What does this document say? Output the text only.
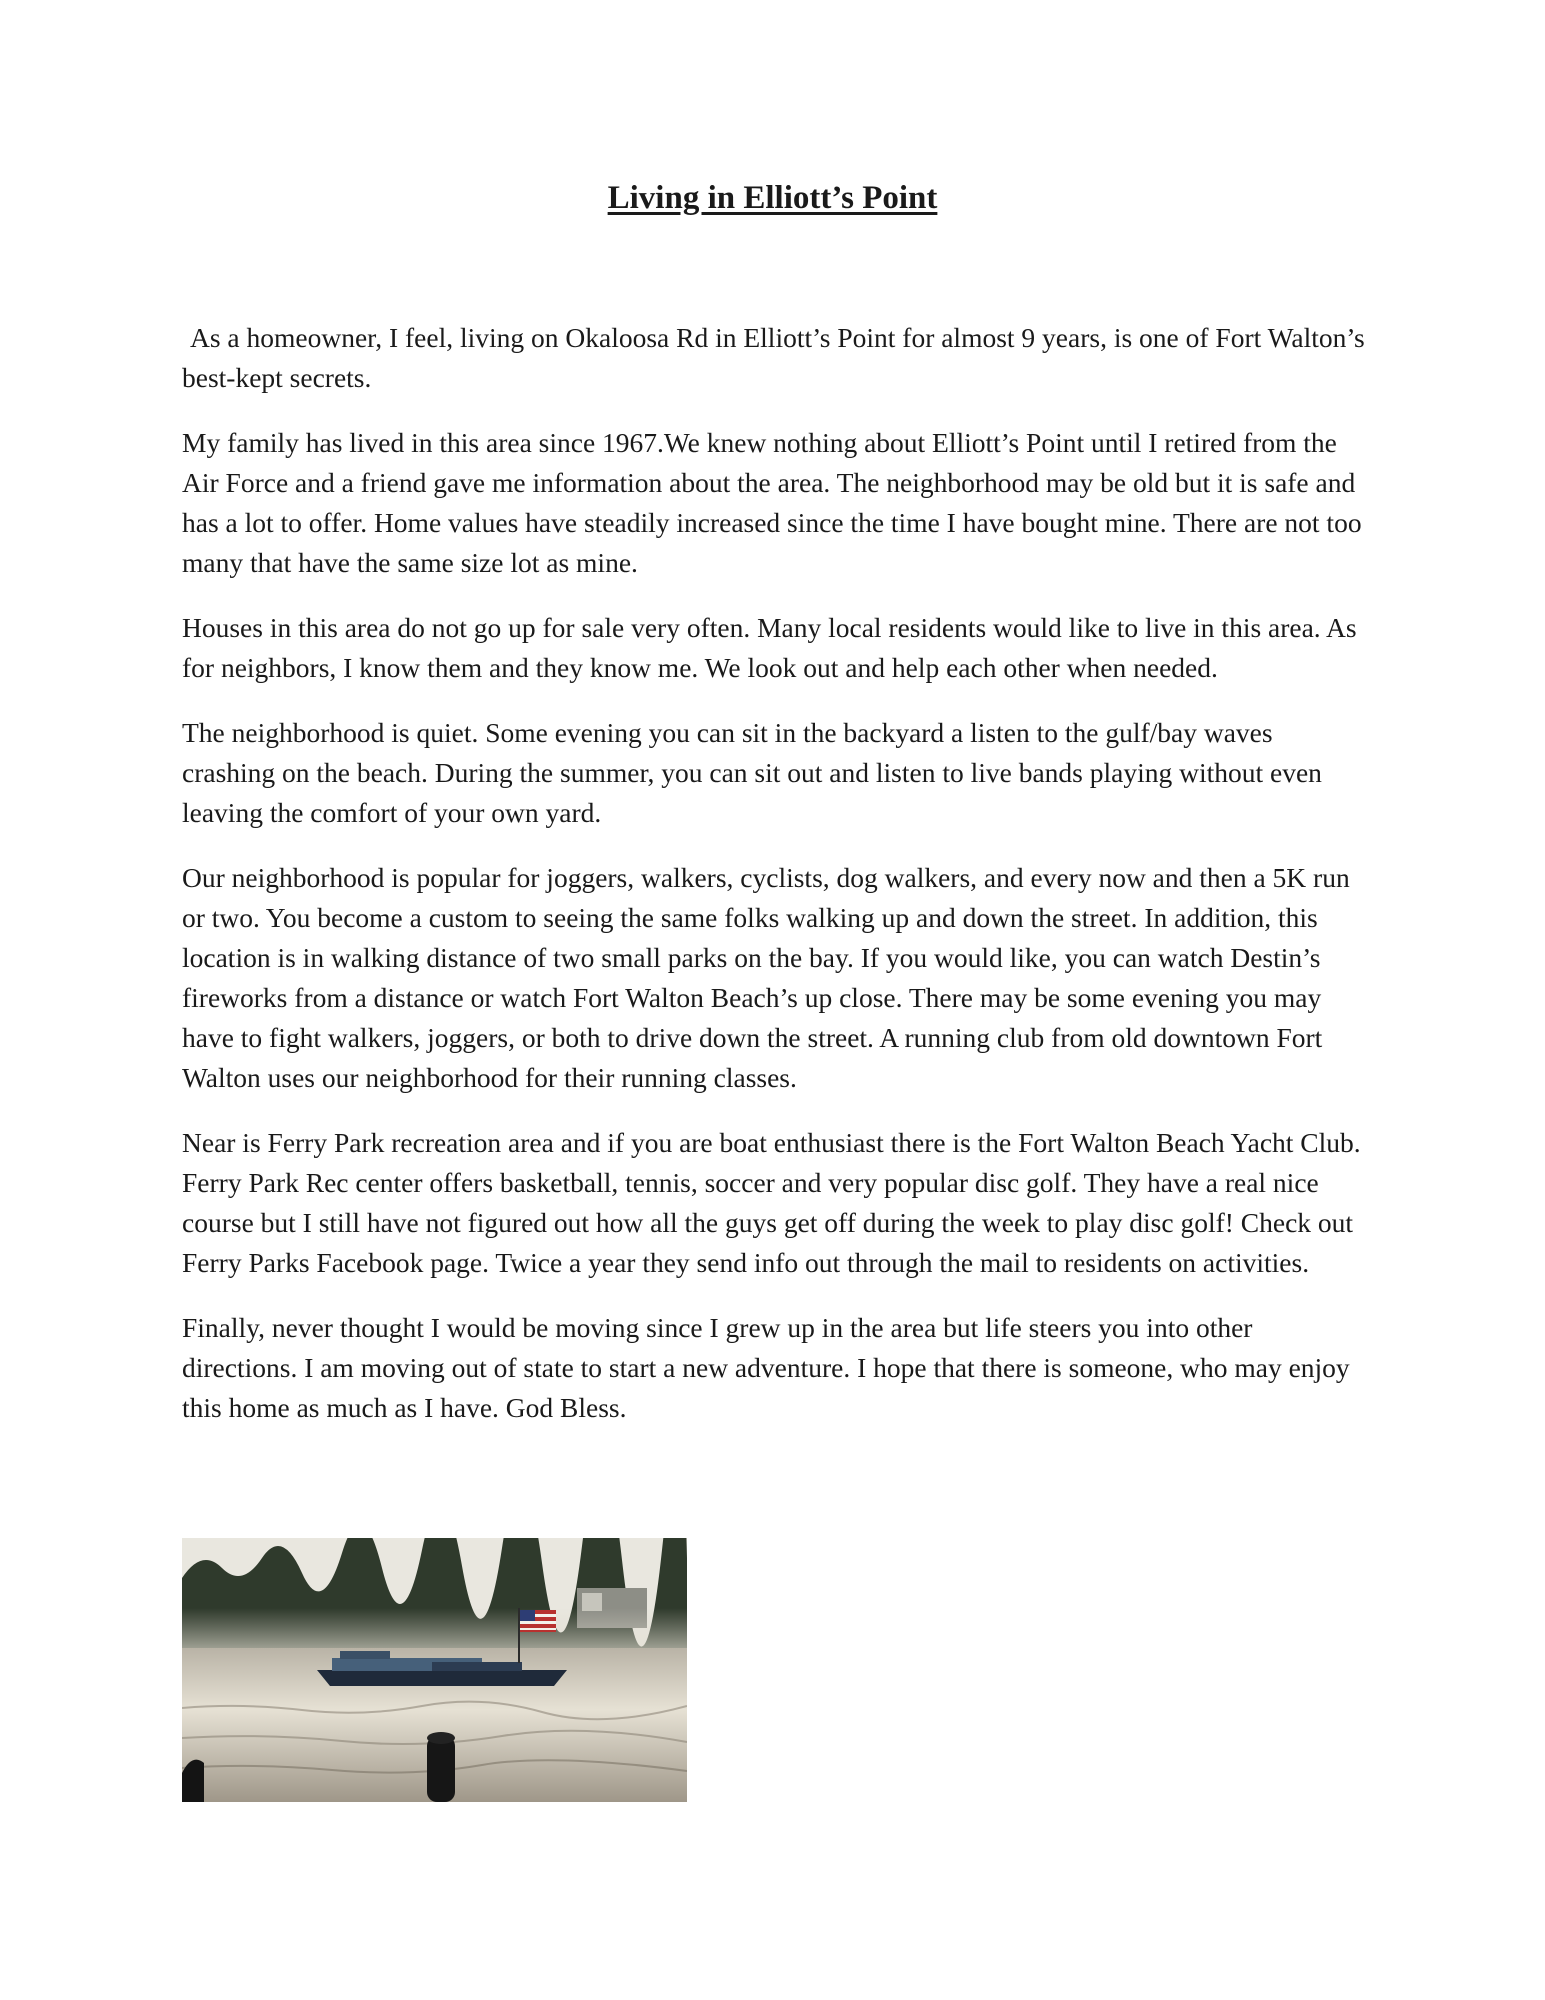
Living in Elliott’s Point

As a homeowner, I feel, living on Okaloosa Rd in Elliott’s Point for almost 9 years, is one of Fort Walton’s best-kept secrets.

My family has lived in this area since 1967.We knew nothing about Elliott’s Point until I retired from the Air Force and a friend gave me information about the area. The neighborhood may be old but it is safe and has a lot to offer. Home values have steadily increased since the time I have bought mine. There are not too many that have the same size lot as mine.

Houses in this area do not go up for sale very often. Many local residents would like to live in this area. As for neighbors, I know them and they know me. We look out and help each other when needed.

The neighborhood is quiet. Some evening you can sit in the backyard a listen to the gulf/bay waves crashing on the beach. During the summer, you can sit out and listen to live bands playing without even leaving the comfort of your own yard.

Our neighborhood is popular for joggers, walkers, cyclists, dog walkers, and every now and then a 5K run or two. You become a custom to seeing the same folks walking up and down the street. In addition, this location is in walking distance of two small parks on the bay. If you would like, you can watch Destin’s fireworks from a distance or watch Fort Walton Beach’s up close. There may be some evening you may have to fight walkers, joggers, or both to drive down the street. A running club from old downtown Fort Walton uses our neighborhood for their running classes.

Near is Ferry Park recreation area and if you are boat enthusiast there is the Fort Walton Beach Yacht Club. Ferry Park Rec center offers basketball, tennis, soccer and very popular disc golf. They have a real nice course but I still have not figured out how all the guys get off during the week to play disc golf! Check out Ferry Parks Facebook page. Twice a year they send info out through the mail to residents on activities.

Finally, never thought I would be moving since I grew up in the area but life steers you into other directions. I am moving out of state to start a new adventure. I hope that there is someone, who may enjoy this home as much as I have. God Bless.
